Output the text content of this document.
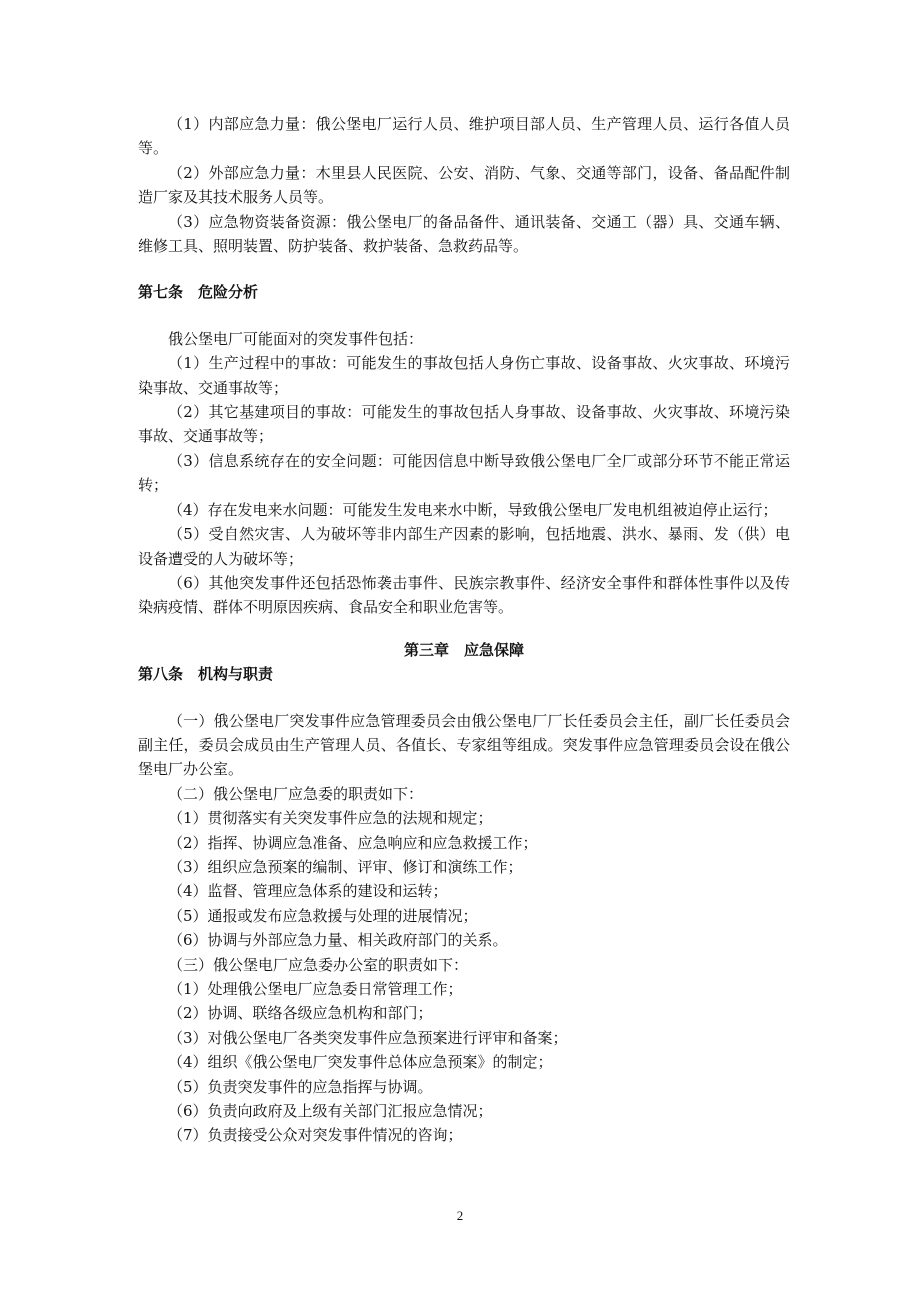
（1）内部应急力量：俄公堡电厂运行人员、维护项目部人员、生产管理人员、运行各值人员等。

（2）外部应急力量：木里县人民医院、公安、消防、气象、交通等部门，设备、备品配件制造厂家及其技术服务人员等。

（3）应急物资装备资源：俄公堡电厂的备品备件、通讯装备、交通工（器）具、交通车辆、维修工具、照明装置、防护装备、救护装备、急救药品等。

第七条　危险分析

俄公堡电厂可能面对的突发事件包括：

（1）生产过程中的事故：可能发生的事故包括人身伤亡事故、设备事故、火灾事故、环境污染事故、交通事故等；

（2）其它基建项目的事故：可能发生的事故包括人身事故、设备事故、火灾事故、环境污染事故、交通事故等；

（3）信息系统存在的安全问题：可能因信息中断导致俄公堡电厂全厂或部分环节不能正常运转；

（4）存在发电来水问题：可能发生发电来水中断，导致俄公堡电厂发电机组被迫停止运行；

（5）受自然灾害、人为破坏等非内部生产因素的影响，包括地震、洪水、暴雨、发（供）电设备遭受的人为破坏等；

（6）其他突发事件还包括恐怖袭击事件、民族宗教事件、经济安全事件和群体性事件以及传染病疫情、群体不明原因疾病、食品安全和职业危害等。

第三章　应急保障

第八条　机构与职责

（一）俄公堡电厂突发事件应急管理委员会由俄公堡电厂厂长任委员会主任，副厂长任委员会副主任，委员会成员由生产管理人员、各值长、专家组等组成。突发事件应急管理委员会设在俄公堡电厂办公室。

（二）俄公堡电厂应急委的职责如下：

（1）贯彻落实有关突发事件应急的法规和规定；

（2）指挥、协调应急准备、应急响应和应急救援工作；

（3）组织应急预案的编制、评审、修订和演练工作；

（4）监督、管理应急体系的建设和运转；

（5）通报或发布应急救援与处理的进展情况；

（6）协调与外部应急力量、相关政府部门的关系。

（三）俄公堡电厂应急委办公室的职责如下：

（1）处理俄公堡电厂应急委日常管理工作；

（2）协调、联络各级应急机构和部门；

（3）对俄公堡电厂各类突发事件应急预案进行评审和备案；

（4）组织《俄公堡电厂突发事件总体应急预案》的制定；

（5）负责突发事件的应急指挥与协调。

（6）负责向政府及上级有关部门汇报应急情况；

（7）负责接受公众对突发事件情况的咨询；

2
